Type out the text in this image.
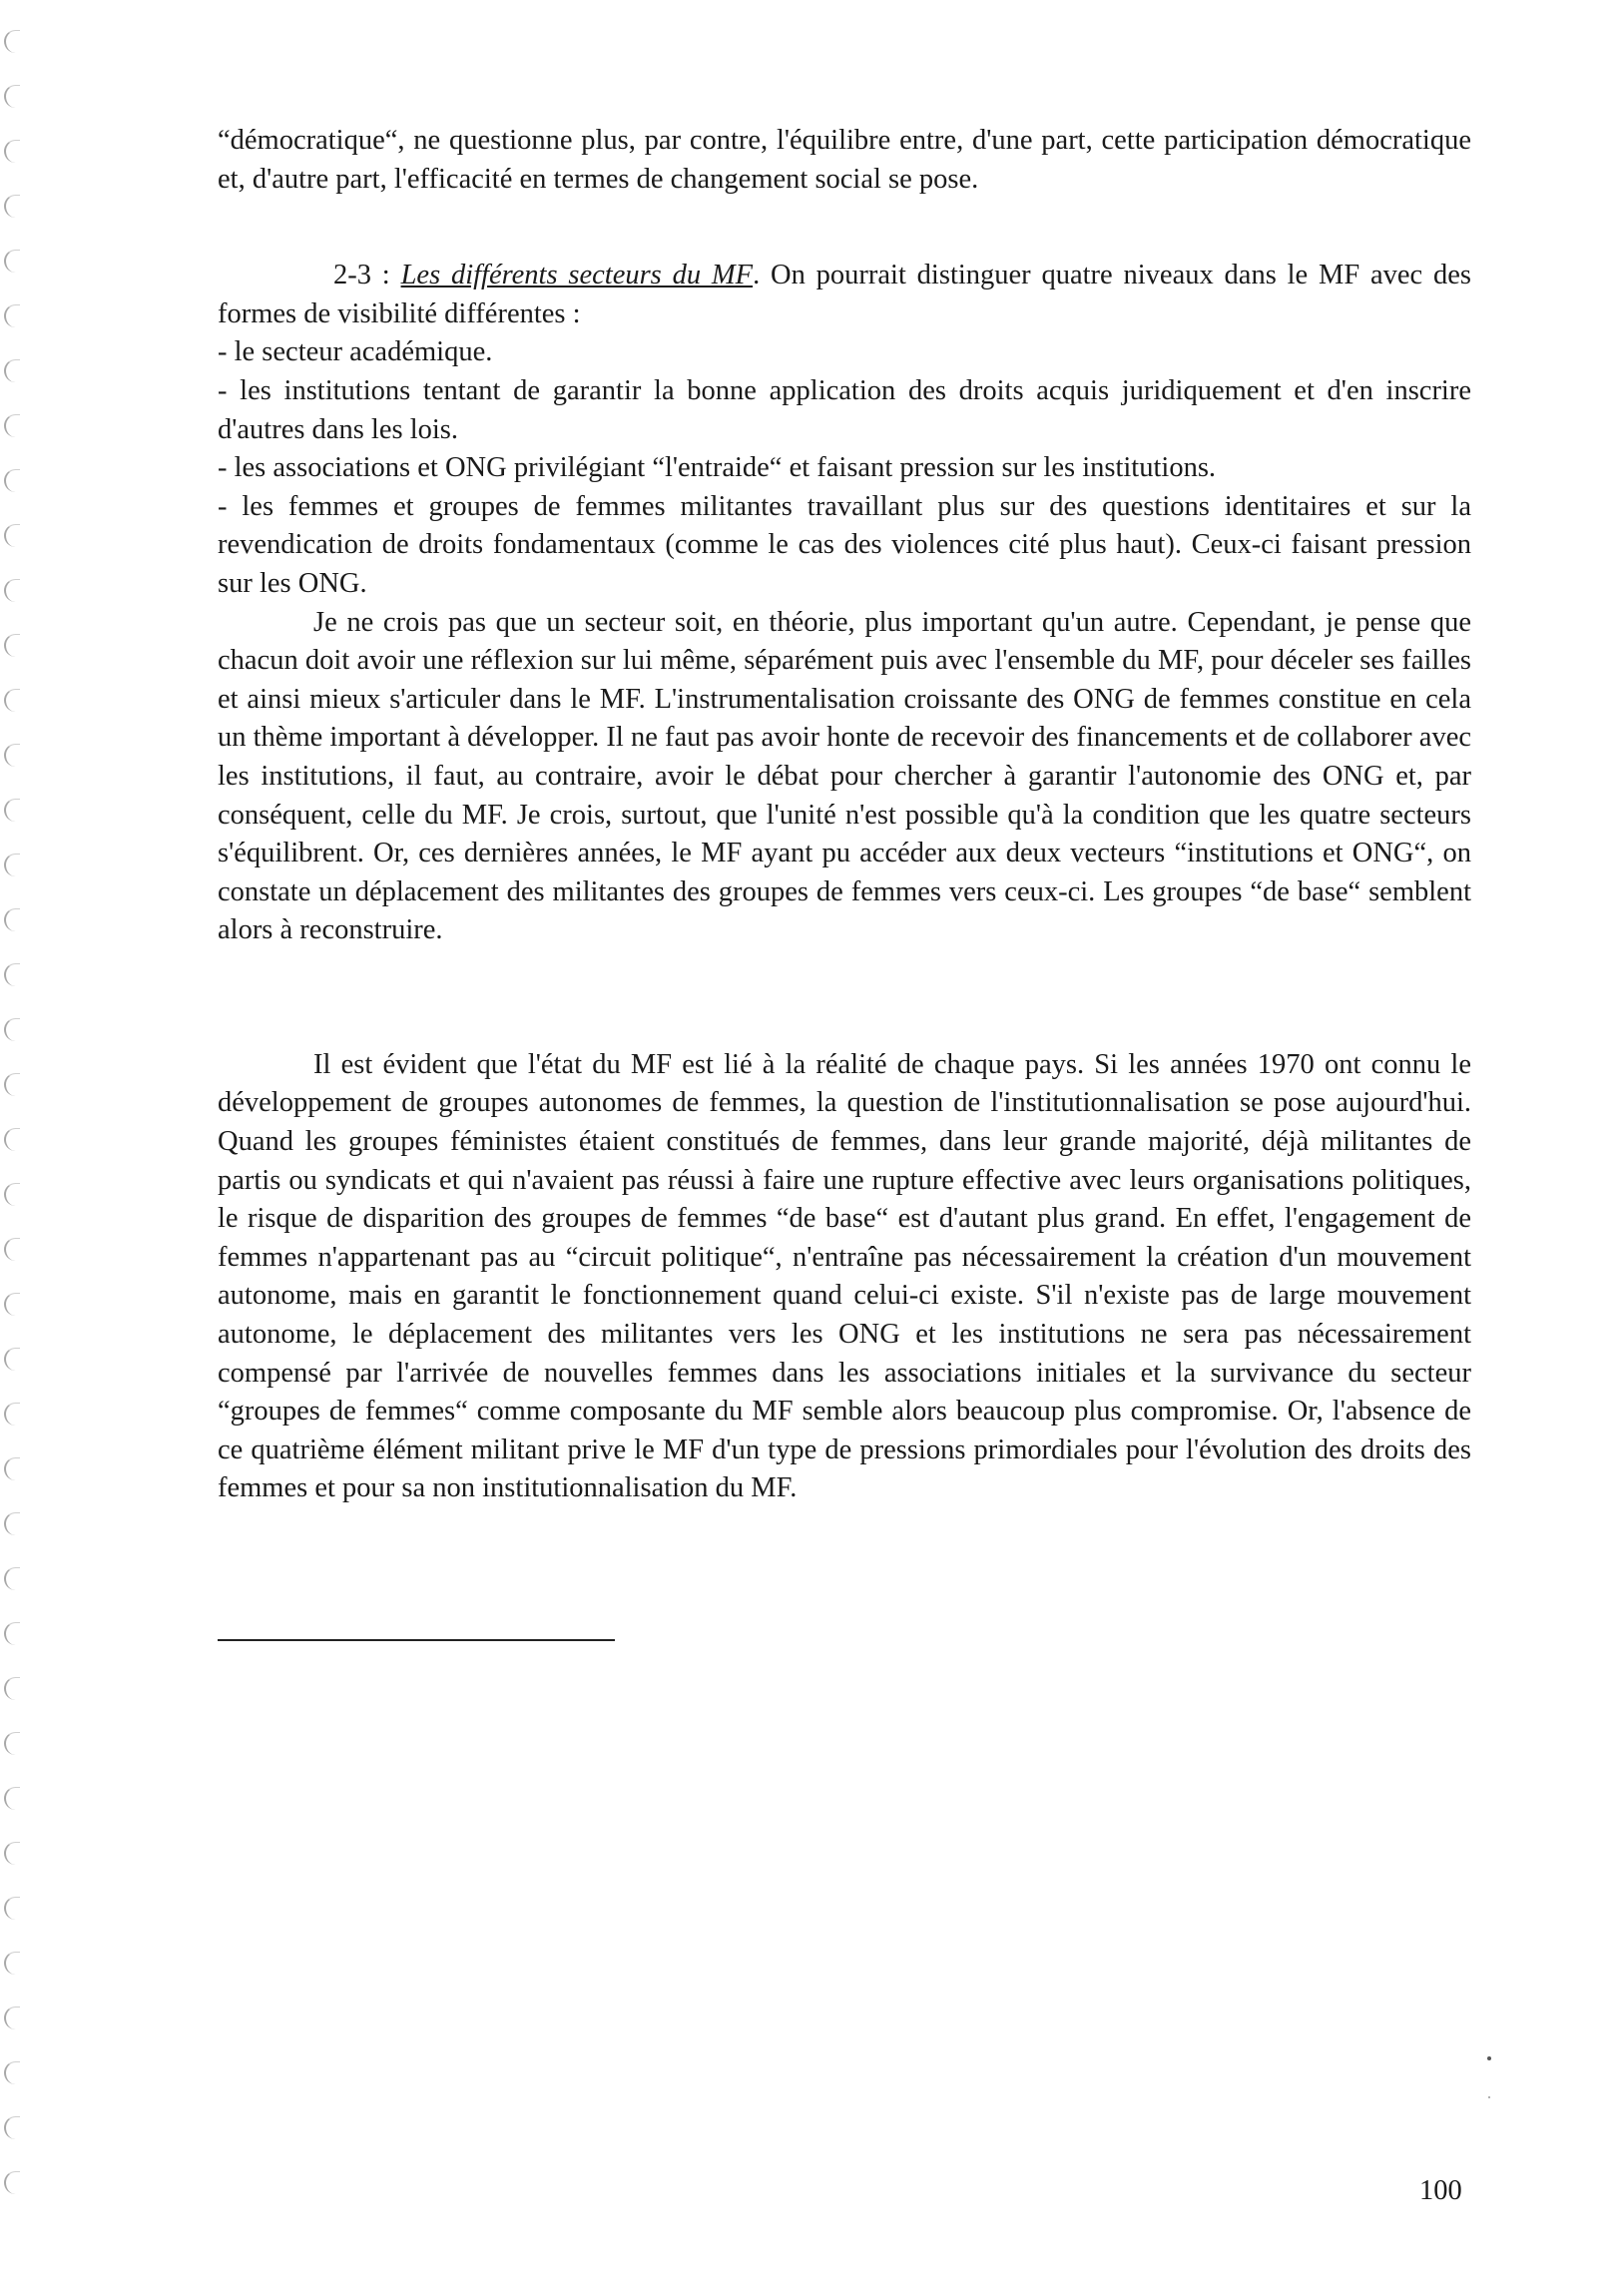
“démocratique“, ne questionne plus, par contre, l'équilibre entre, d'une part, cette participation démocratique et, d'autre part, l'efficacité en termes de changement social se pose.

2-3 : Les différents secteurs du MF. On pourrait distinguer quatre niveaux dans le MF avec des formes de visibilité différentes :

- le secteur académique.

- les institutions tentant de garantir la bonne application des droits acquis juridiquement et d'en inscrire d'autres dans les lois.

- les associations et ONG privilégiant “l'entraide“ et faisant pression sur les institutions.

- les femmes et groupes de femmes militantes travaillant plus sur des questions identitaires et sur la revendication de droits fondamentaux (comme le cas des violences cité plus haut). Ceux-ci faisant pression sur les ONG.

Je ne crois pas que un secteur soit, en théorie, plus important qu'un autre. Cependant, je pense que chacun doit avoir une réflexion sur lui même, séparément puis avec l'ensemble du MF, pour déceler ses failles et ainsi mieux s'articuler dans le MF. L'instrumentalisation croissante des ONG de femmes constitue en cela un thème important à développer. Il ne faut pas avoir honte de recevoir des financements et de collaborer avec les institutions, il faut, au contraire, avoir le débat pour chercher à garantir l'autonomie des ONG et, par conséquent, celle du MF. Je crois, surtout, que l'unité n'est possible qu'à la condition que les quatre secteurs s'équilibrent. Or, ces dernières années, le MF ayant pu accéder aux deux vecteurs “institutions et ONG“, on constate un déplacement des militantes des groupes de femmes vers ceux-ci. Les groupes “de base“ semblent alors à reconstruire.

Il est évident que l'état du MF est lié à la réalité de chaque pays. Si les années 1970 ont connu le développement de groupes autonomes de femmes, la question de l'institutionnalisation se pose aujourd'hui. Quand les groupes féministes étaient constitués de femmes, dans leur grande majorité, déjà militantes de partis ou syndicats et qui n'avaient pas réussi à faire une rupture effective avec leurs organisations politiques, le risque de disparition des groupes de femmes “de base“ est d'autant plus grand. En effet, l'engagement de femmes n'appartenant pas au “circuit politique“, n'entraîne pas nécessairement la création d'un mouvement autonome, mais en garantit le fonctionnement quand celui-ci existe. S'il n'existe pas de large mouvement autonome, le déplacement des militantes vers les ONG et les institutions ne sera pas nécessairement compensé par l'arrivée de nouvelles femmes dans les associations initiales et la survivance du secteur “groupes de femmes“ comme composante du MF semble alors beaucoup plus compromise. Or, l'absence de ce quatrième élément militant prive le MF d'un type de pressions primordiales pour l'évolution des droits des femmes et pour sa non institutionnalisation du MF.

100
